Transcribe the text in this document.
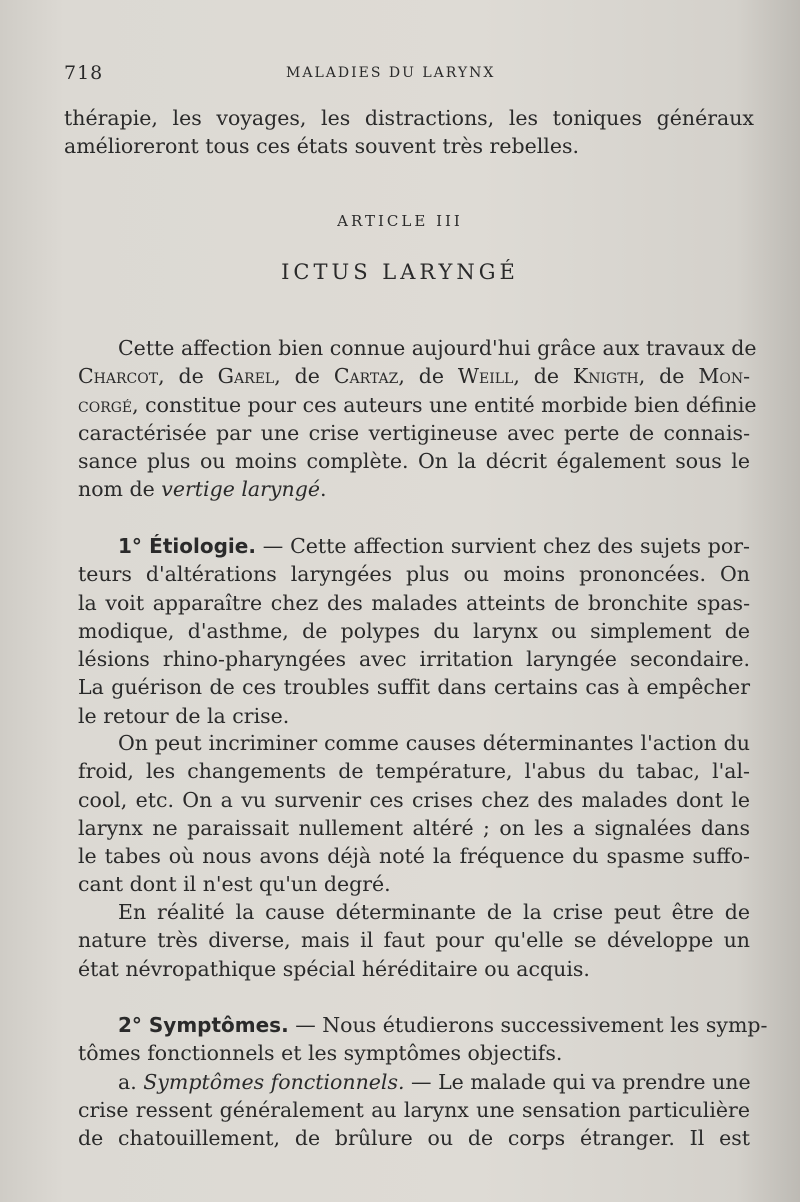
718	MALADIES DU LARYNX
thérapie, les voyages, les distractions, les toniques généraux
amélioreront tous ces états souvent très rebelles.
ARTICLE III
ICTUS LARYNGÉ
Cette affection bien connue aujourd'hui grâce aux travaux de
Charcot, de Garel, de Cartaz, de Weill, de Knigth, de Mon-
corgé, constitue pour ces auteurs une entité morbide bien définie
caractérisée par une crise vertigineuse avec perte de connais-
sance plus ou moins complète. On la décrit également sous le
nom de vertige laryngé.
1° Étiologie. — Cette affection survient chez des sujets por-
teurs d'altérations laryngées plus ou moins prononcées. On
la voit apparaître chez des malades atteints de bronchite spas-
modique, d'asthme, de polypes du larynx ou simplement de
lésions rhino-pharyngées avec irritation laryngée secondaire.
La guérison de ces troubles suffit dans certains cas à empêcher
le retour de la crise.
On peut incriminer comme causes déterminantes l'action du
froid, les changements de température, l'abus du tabac, l'al-
cool, etc. On a vu survenir ces crises chez des malades dont le
larynx ne paraissait nullement altéré ; on les a signalées dans
le tabes où nous avons déjà noté la fréquence du spasme suffo-
cant dont il n'est qu'un degré.
En réalité la cause déterminante de la crise peut être de
nature très diverse, mais il faut pour qu'elle se développe un
état névropathique spécial héréditaire ou acquis.
2° Symptômes. — Nous étudierons successivement les symp-
tômes fonctionnels et les symptômes objectifs.
a. Symptômes fonctionnels. — Le malade qui va prendre une
crise ressent généralement au larynx une sensation particulière
de chatouillement, de brûlure ou de corps étranger. Il est
